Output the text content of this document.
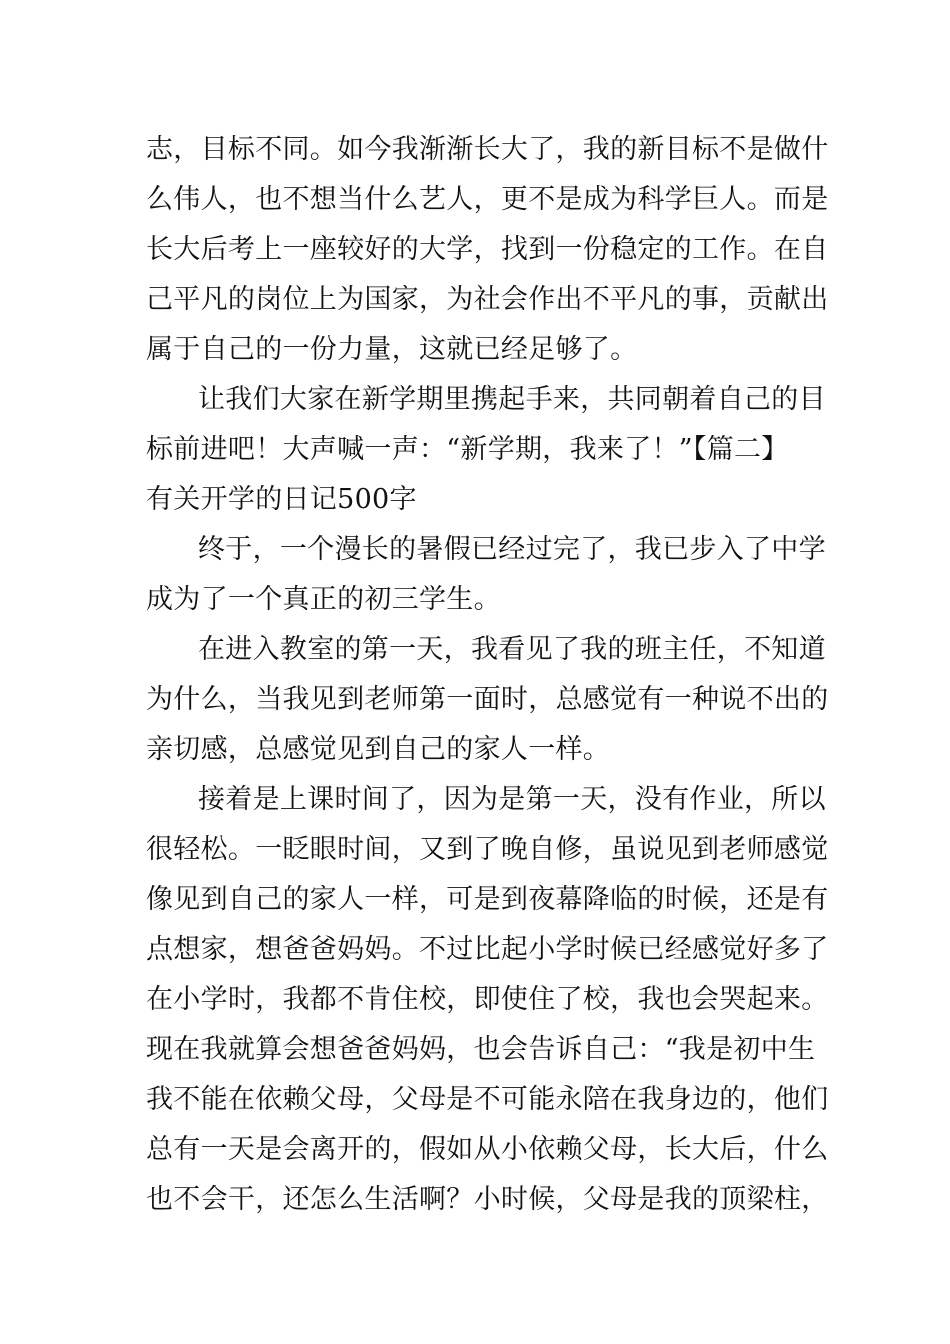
志，目标不同。如今我渐渐长大了，我的新目标不是做什
么伟人，也不想当什么艺人，更不是成为科学巨人。而是
长大后考上一座较好的大学，找到一份稳定的工作。在自
己平凡的岗位上为国家，为社会作出不平凡的事，贡献出
属于自己的一份力量，这就已经足够了。
让我们大家在新学期里携起手来，共同朝着自己的目
标前进吧！大声喊一声：“新学期，我来了！”【篇二】
有关开学的日记500字
终于，一个漫长的暑假已经过完了，我已步入了中学
成为了一个真正的初三学生。
在进入教室的第一天，我看见了我的班主任，不知道
为什么，当我见到老师第一面时，总感觉有一种说不出的
亲切感，总感觉见到自己的家人一样。
接着是上课时间了，因为是第一天，没有作业，所以
很轻松。一眨眼时间，又到了晚自修，虽说见到老师感觉
像见到自己的家人一样，可是到夜幕降临的时候，还是有
点想家，想爸爸妈妈。不过比起小学时候已经感觉好多了
在小学时，我都不肯住校，即使住了校，我也会哭起来。
现在我就算会想爸爸妈妈，也会告诉自己：“我是初中生
我不能在依赖父母，父母是不可能永陪在我身边的，他们
总有一天是会离开的，假如从小依赖父母，长大后，什么
也不会干，还怎么生活啊？小时候，父母是我的顶梁柱，
